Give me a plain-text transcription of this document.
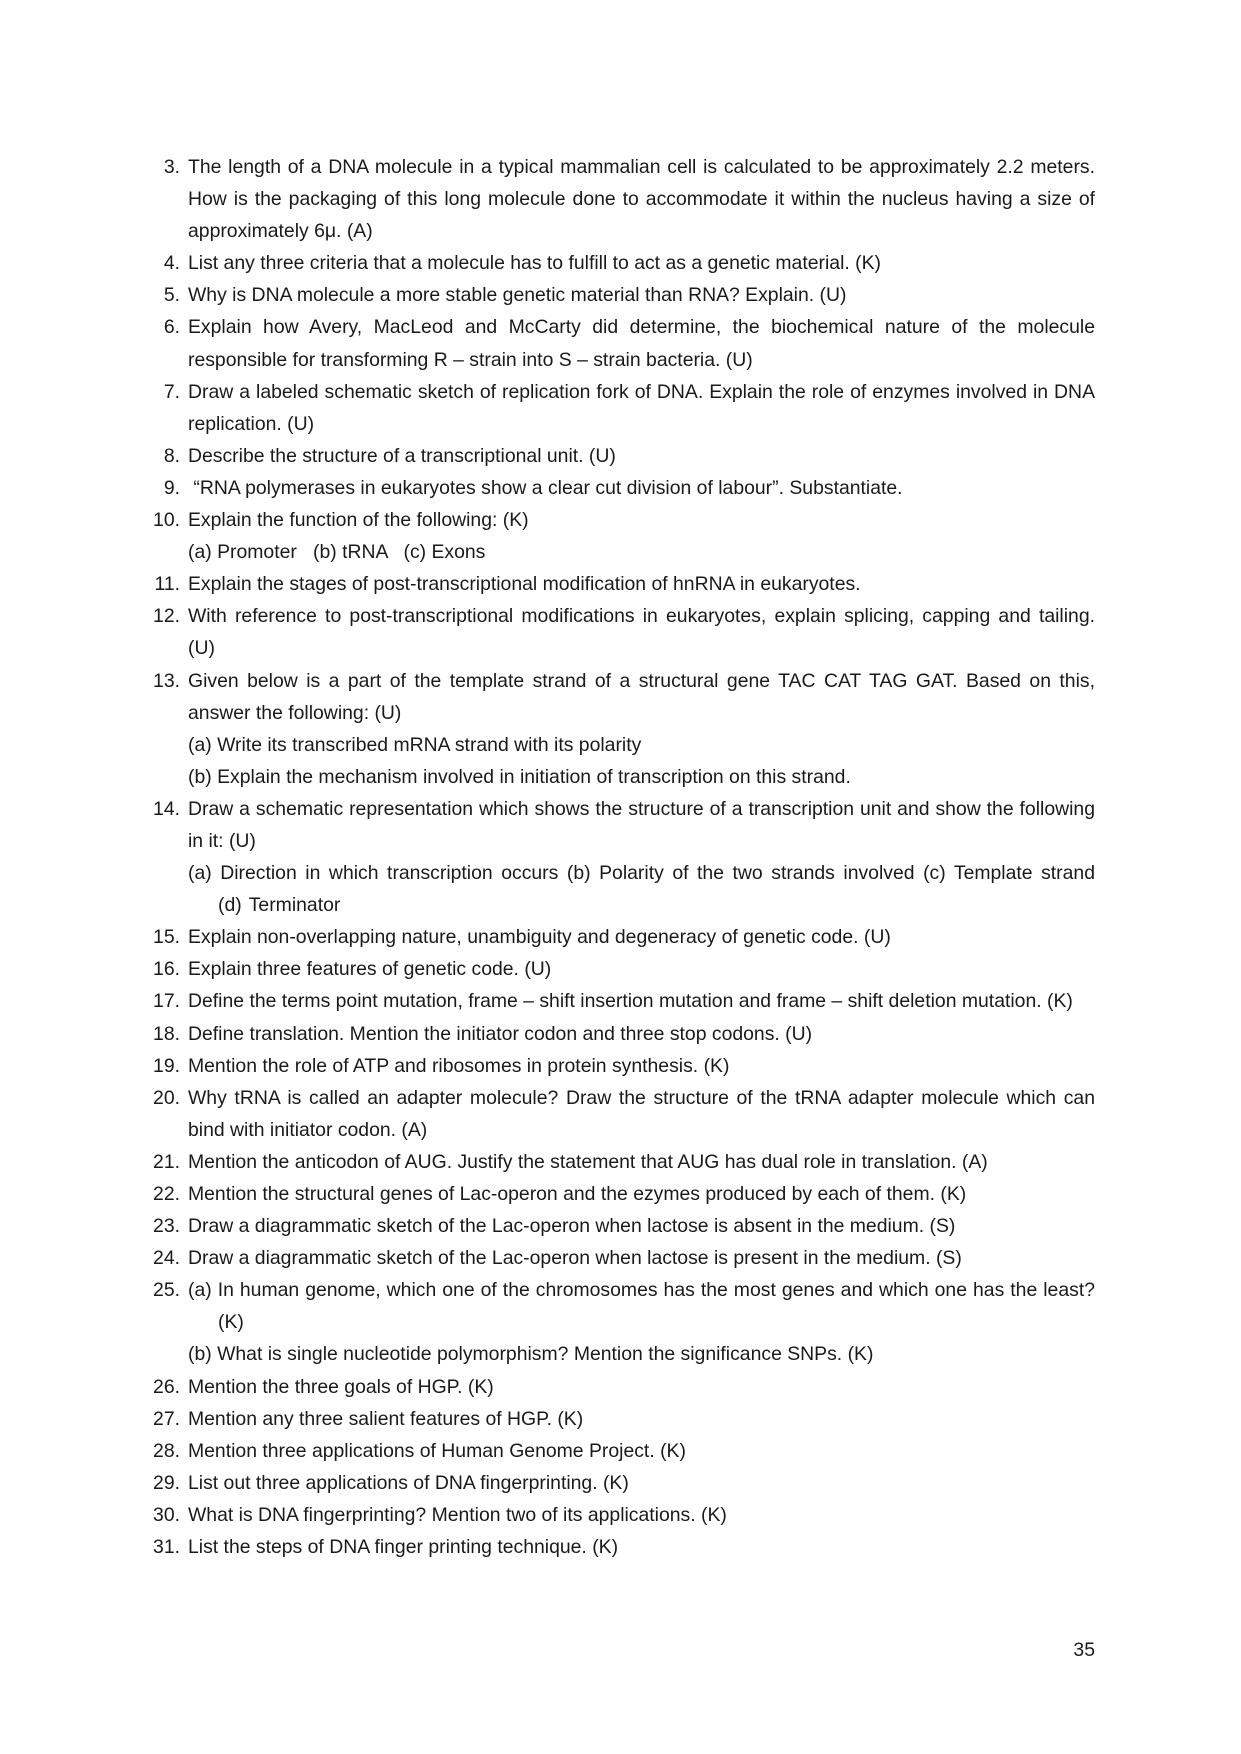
3. The length of a DNA molecule in a typical mammalian cell is calculated to be approximately 2.2 meters. How is the packaging of this long molecule done to accommodate it within the nucleus having a size of approximately 6μ. (A)
4. List any three criteria that a molecule has to fulfill to act as a genetic material. (K)
5. Why is DNA molecule a more stable genetic material than RNA? Explain. (U)
6. Explain how Avery, MacLeod and McCarty did determine, the biochemical nature of the molecule responsible for transforming R – strain into S – strain bacteria. (U)
7. Draw a labeled schematic sketch of replication fork of DNA. Explain the role of enzymes involved in DNA replication. (U)
8. Describe the structure of a transcriptional unit. (U)
9. “RNA polymerases in eukaryotes show a clear cut division of labour”. Substantiate.
10. Explain the function of the following: (K)
(a) Promoter   (b) tRNA   (c) Exons
11. Explain the stages of post-transcriptional modification of hnRNA in eukaryotes.
12. With reference to post-transcriptional modifications in eukaryotes, explain splicing, capping and tailing. (U)
13. Given below is a part of the template strand of a structural gene TAC CAT TAG GAT. Based on this, answer the following: (U)
(a) Write its transcribed mRNA strand with its polarity
(b) Explain the mechanism involved in initiation of transcription on this strand.
14. Draw a schematic representation which shows the structure of a transcription unit and show the following in it: (U)
(a) Direction in which transcription occurs (b) Polarity of the two strands involved (c) Template strand (d) Terminator
15. Explain non-overlapping nature, unambiguity and degeneracy of genetic code. (U)
16. Explain three features of genetic code. (U)
17. Define the terms point mutation, frame – shift insertion mutation and frame – shift deletion mutation. (K)
18. Define translation. Mention the initiator codon and three stop codons. (U)
19. Mention the role of ATP and ribosomes in protein synthesis. (K)
20. Why tRNA is called an adapter molecule? Draw the structure of the tRNA adapter molecule which can bind with initiator codon. (A)
21. Mention the anticodon of AUG. Justify the statement that AUG has dual role in translation. (A)
22. Mention the structural genes of Lac-operon and the ezymes produced by each of them. (K)
23. Draw a diagrammatic sketch of the Lac-operon when lactose is absent in the medium. (S)
24. Draw a diagrammatic sketch of the Lac-operon when lactose is present in the medium. (S)
25. (a) In human genome, which one of the chromosomes has the most genes and which one has the least? (K)
(b) What is single nucleotide polymorphism? Mention the significance SNPs. (K)
26. Mention the three goals of HGP. (K)
27. Mention any three salient features of HGP. (K)
28. Mention three applications of Human Genome Project. (K)
29. List out three applications of DNA fingerprinting. (K)
30. What is DNA fingerprinting? Mention two of its applications. (K)
31. List the steps of DNA finger printing technique. (K)
35
